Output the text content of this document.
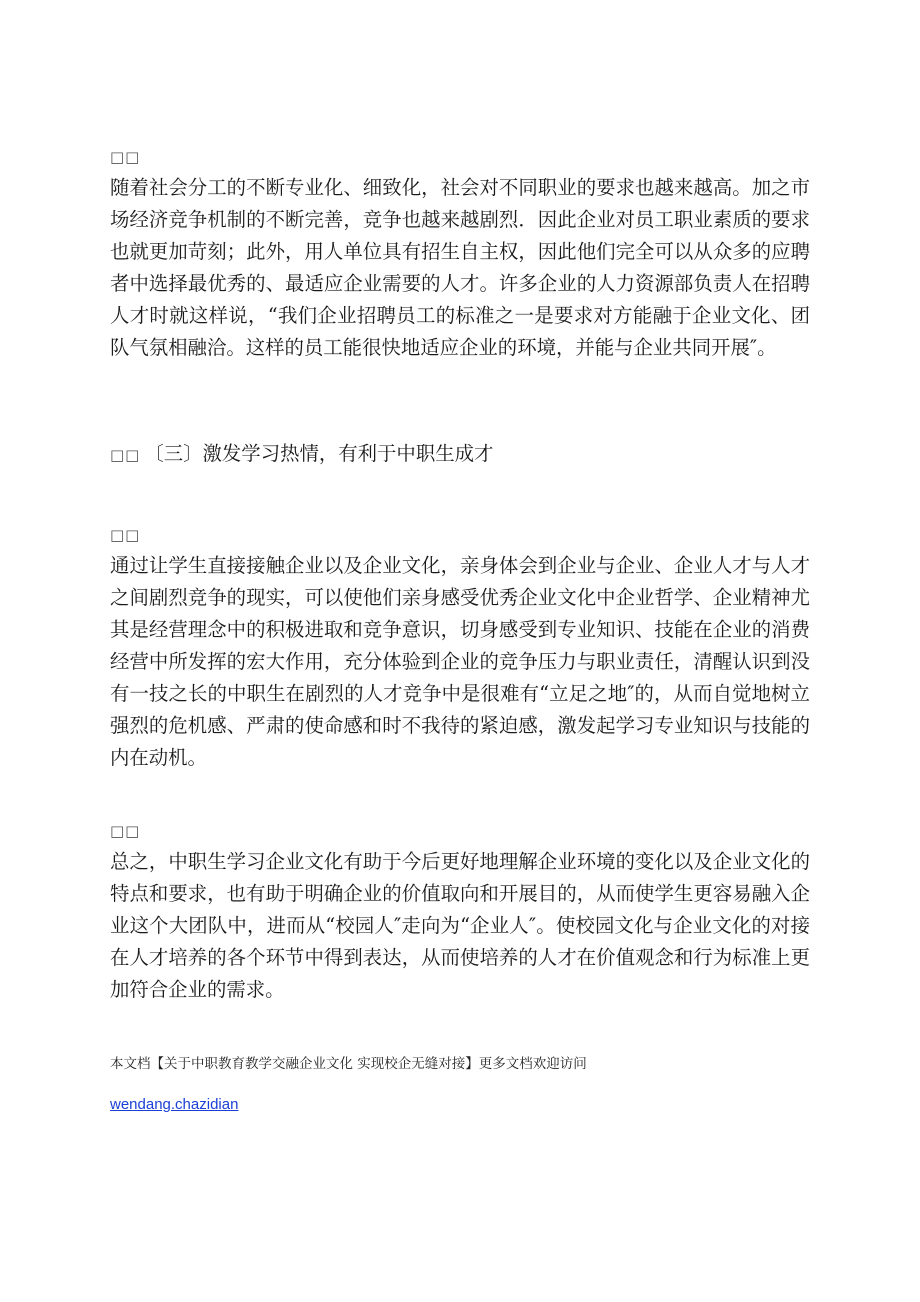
□□

随着社会分工的不断专业化、细致化，社会对不同职业的要求也越来越高。加之市场经济竞争机制的不断完善，竞争也越来越剧烈．因此企业对员工职业素质的要求也就更加苛刻；此外，用人单位具有招生自主权，因此他们完全可以从众多的应聘者中选择最优秀的、最适应企业需要的人才。许多企业的人力资源部负责人在招聘人才时就这样说，“我们企业招聘员工的标准之一是要求对方能融于企业文化、团队气氛相融洽。这样的员工能很快地适应企业的环境，并能与企业共同开展″。

□□ 〔三〕激发学习热情，有利于中职生成才

□□

通过让学生直接接触企业以及企业文化，亲身体会到企业与企业、企业人才与人才之间剧烈竞争的现实，可以使他们亲身感受优秀企业文化中企业哲学、企业精神尤其是经营理念中的积极进取和竞争意识，切身感受到专业知识、技能在企业的消费经营中所发挥的宏大作用，充分体验到企业的竞争压力与职业责任，清醒认识到没有一技之长的中职生在剧烈的人才竞争中是很难有“立足之地″的，从而自觉地树立强烈的危机感、严肃的使命感和时不我待的紧迫感，激发起学习专业知识与技能的内在动机。

□□

总之，中职生学习企业文化有助于今后更好地理解企业环境的变化以及企业文化的特点和要求，也有助于明确企业的价值取向和开展目的，从而使学生更容易融入企业这个大团队中，进而从“校园人″走向为“企业人″。使校园文化与企业文化的对接在人才培养的各个环节中得到表达，从而使培养的人才在价值观念和行为标准上更加符合企业的需求。

本文档【关于中职教育教学交融企业文化 实现校企无缝对接】更多文档欢迎访问

wendang.chazidian
